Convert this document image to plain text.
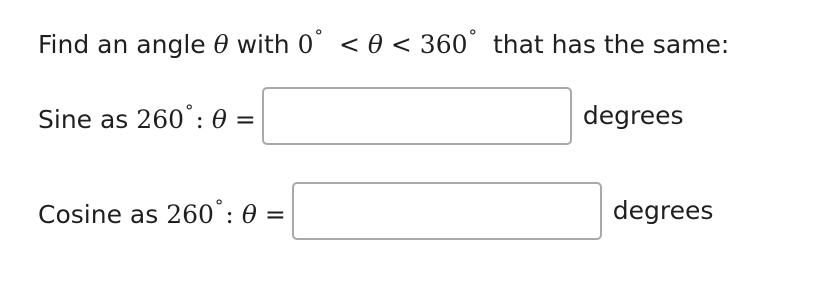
Find an angle θ with 0° < θ < 360° that has the same:
Sine as 260°: θ =	degrees
Cosine as 260°: θ =	degrees
